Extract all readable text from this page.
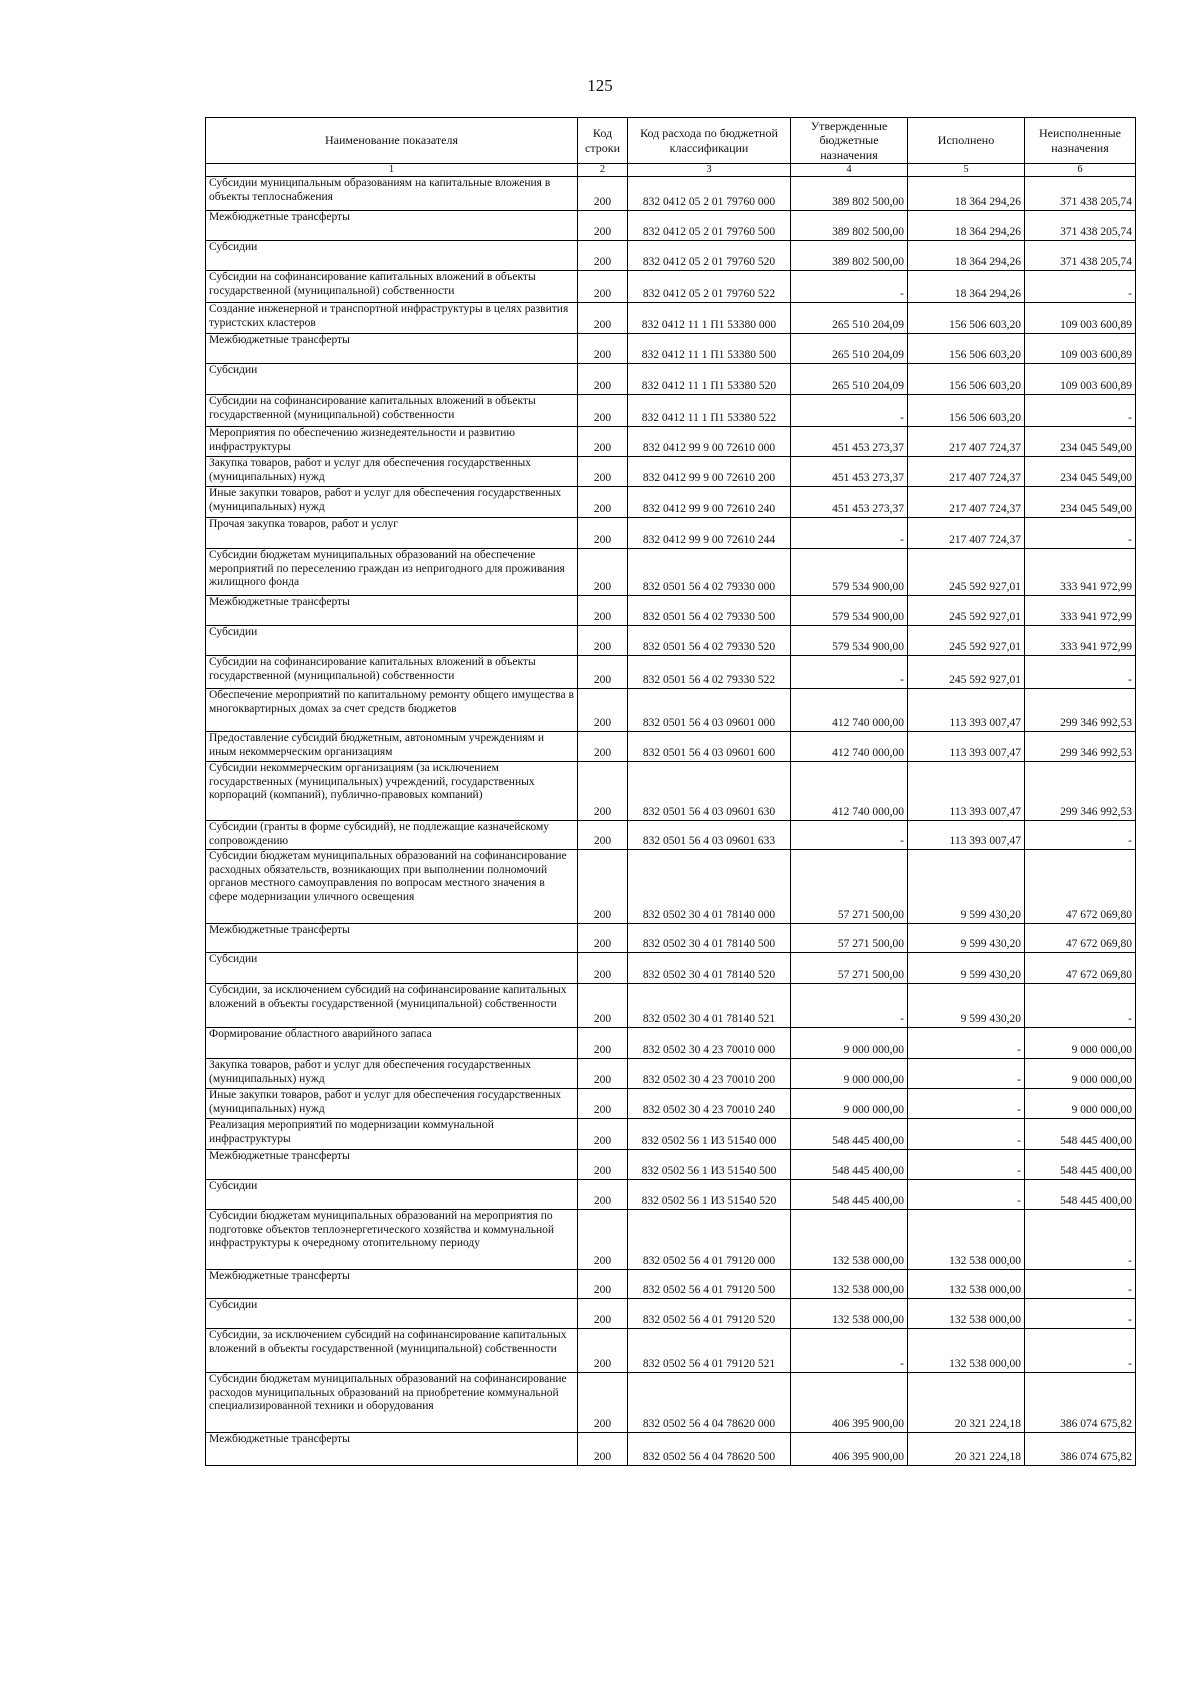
125
Наименование показателя	Код строки	Код расхода по бюджетной классификации	Утвержденные бюджетные назначения	Исполнено	Неисполненные назначения
1	2	3	4	5	6
Субсидии муниципальным образованиям на капитальные вложения в объекты теплоснабжения	200	832 0412 05 2 01 79760 000	389 802 500,00	18 364 294,26	371 438 205,74
Межбюджетные трансферты	200	832 0412 05 2 01 79760 500	389 802 500,00	18 364 294,26	371 438 205,74
Субсидии	200	832 0412 05 2 01 79760 520	389 802 500,00	18 364 294,26	371 438 205,74
Субсидии на софинансирование капитальных вложений в объекты государственной (муниципальной) собственности	200	832 0412 05 2 01 79760 522	-	18 364 294,26	-
Создание инженерной и транспортной инфраструктуры в целях развития туристских кластеров	200	832 0412 11 1 П1 53380 000	265 510 204,09	156 506 603,20	109 003 600,89
Межбюджетные трансферты	200	832 0412 11 1 П1 53380 500	265 510 204,09	156 506 603,20	109 003 600,89
Субсидии	200	832 0412 11 1 П1 53380 520	265 510 204,09	156 506 603,20	109 003 600,89
Субсидии на софинансирование капитальных вложений в объекты государственной (муниципальной) собственности	200	832 0412 11 1 П1 53380 522	-	156 506 603,20	-
Мероприятия по обеспечению жизнедеятельности и развитию инфраструктуры	200	832 0412 99 9 00 72610 000	451 453 273,37	217 407 724,37	234 045 549,00
Закупка товаров, работ и услуг для обеспечения государственных (муниципальных) нужд	200	832 0412 99 9 00 72610 200	451 453 273,37	217 407 724,37	234 045 549,00
Иные закупки товаров, работ и услуг для обеспечения государственных (муниципальных) нужд	200	832 0412 99 9 00 72610 240	451 453 273,37	217 407 724,37	234 045 549,00
Прочая закупка товаров, работ и услуг	200	832 0412 99 9 00 72610 244	-	217 407 724,37	-
Субсидии бюджетам муниципальных образований на обеспечение мероприятий по переселению граждан из непригодного для проживания жилищного фонда	200	832 0501 56 4 02 79330 000	579 534 900,00	245 592 927,01	333 941 972,99
Межбюджетные трансферты	200	832 0501 56 4 02 79330 500	579 534 900,00	245 592 927,01	333 941 972,99
Субсидии	200	832 0501 56 4 02 79330 520	579 534 900,00	245 592 927,01	333 941 972,99
Субсидии на софинансирование капитальных вложений в объекты государственной (муниципальной) собственности	200	832 0501 56 4 02 79330 522	-	245 592 927,01	-
Обеспечение мероприятий по капитальному ремонту общего имущества в многоквартирных домах за счет средств бюджетов	200	832 0501 56 4 03 09601 000	412 740 000,00	113 393 007,47	299 346 992,53
Предоставление субсидий бюджетным, автономным учреждениям и иным некоммерческим организациям	200	832 0501 56 4 03 09601 600	412 740 000,00	113 393 007,47	299 346 992,53
Субсидии некоммерческим организациям (за исключением государственных (муниципальных) учреждений, государственных корпораций (компаний), публично-правовых компаний)	200	832 0501 56 4 03 09601 630	412 740 000,00	113 393 007,47	299 346 992,53
Субсидии (гранты в форме субсидий), не подлежащие казначейскому сопровождению	200	832 0501 56 4 03 09601 633	-	113 393 007,47	-
Субсидии бюджетам муниципальных образований на софинансирование расходных обязательств, возникающих при выполнении полномочий органов местного самоуправления по вопросам местного значения в сфере модернизации уличного освещения	200	832 0502 30 4 01 78140 000	57 271 500,00	9 599 430,20	47 672 069,80
Межбюджетные трансферты	200	832 0502 30 4 01 78140 500	57 271 500,00	9 599 430,20	47 672 069,80
Субсидии	200	832 0502 30 4 01 78140 520	57 271 500,00	9 599 430,20	47 672 069,80
Субсидии, за исключением субсидий на софинансирование капитальных вложений в объекты государственной (муниципальной) собственности	200	832 0502 30 4 01 78140 521	-	9 599 430,20	-
Формирование областного аварийного запаса	200	832 0502 30 4 23 70010 000	9 000 000,00	-	9 000 000,00
Закупка товаров, работ и услуг для обеспечения государственных (муниципальных) нужд	200	832 0502 30 4 23 70010 200	9 000 000,00	-	9 000 000,00
Иные закупки товаров, работ и услуг для обеспечения государственных (муниципальных) нужд	200	832 0502 30 4 23 70010 240	9 000 000,00	-	9 000 000,00
Реализация мероприятий по модернизации коммунальной инфраструктуры	200	832 0502 56 1 И3 51540 000	548 445 400,00	-	548 445 400,00
Межбюджетные трансферты	200	832 0502 56 1 И3 51540 500	548 445 400,00	-	548 445 400,00
Субсидии	200	832 0502 56 1 И3 51540 520	548 445 400,00	-	548 445 400,00
Субсидии бюджетам муниципальных образований на мероприятия по подготовке объектов теплоэнергетического хозяйства и коммунальной инфраструктуры к очередному отопительному периоду	200	832 0502 56 4 01 79120 000	132 538 000,00	132 538 000,00	-
Межбюджетные трансферты	200	832 0502 56 4 01 79120 500	132 538 000,00	132 538 000,00	-
Субсидии	200	832 0502 56 4 01 79120 520	132 538 000,00	132 538 000,00	-
Субсидии, за исключением субсидий на софинансирование капитальных вложений в объекты государственной (муниципальной) собственности	200	832 0502 56 4 01 79120 521	-	132 538 000,00	-
Субсидии бюджетам муниципальных образований на софинансирование расходов муниципальных образований на приобретение коммунальной специализированной техники и оборудования	200	832 0502 56 4 04 78620 000	406 395 900,00	20 321 224,18	386 074 675,82
Межбюджетные трансферты	200	832 0502 56 4 04 78620 500	406 395 900,00	20 321 224,18	386 074 675,82
